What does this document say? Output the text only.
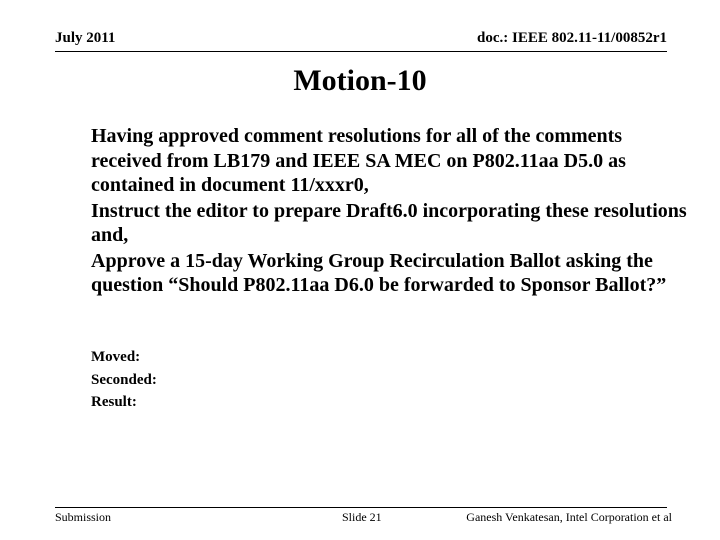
July 2011	doc.: IEEE 802.11-11/00852r1
Motion-10

Having approved comment resolutions for all of the comments received from LB179 and IEEE SA MEC on P802.11aa D5.0 as contained in document 11/xxxr0,

Instruct the editor to prepare Draft6.0 incorporating these resolutions and,

Approve a 15-day Working Group Recirculation Ballot asking the question “Should P802.11aa D6.0 be forwarded to Sponsor Ballot?”

Moved:
Seconded:
Result:
Submission	Slide 21	Ganesh Venkatesan, Intel Corporation et al
